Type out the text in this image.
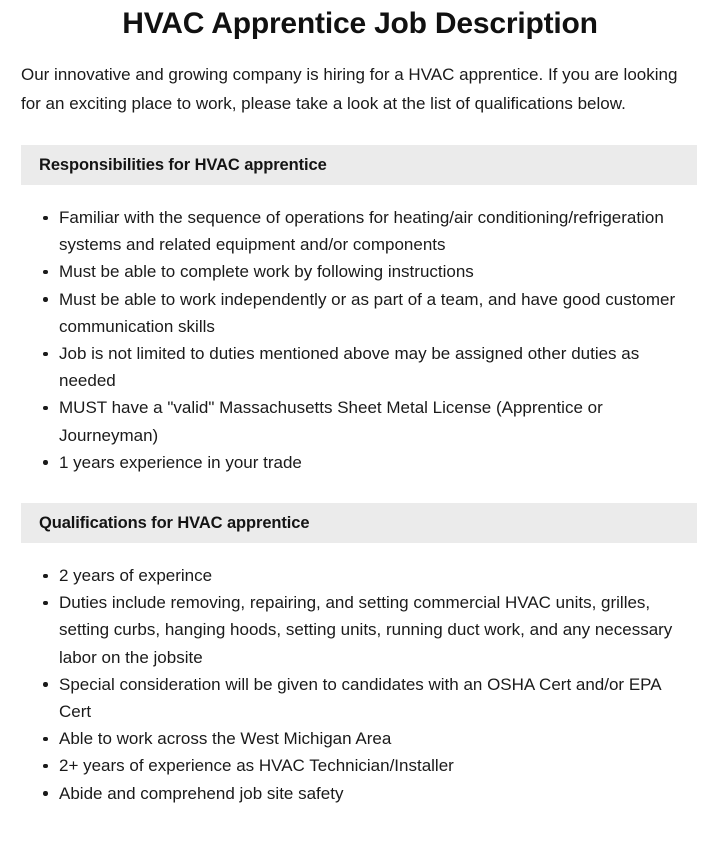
HVAC Apprentice Job Description

Our innovative and growing company is hiring for a HVAC apprentice. If you are looking for an exciting place to work, please take a look at the list of qualifications below.

Responsibilities for HVAC apprentice
Familiar with the sequence of operations for heating/air conditioning/refrigeration systems and related equipment and/or components
Must be able to complete work by following instructions
Must be able to work independently or as part of a team, and have good customer communication skills
Job is not limited to duties mentioned above may be assigned other duties as needed
MUST have a "valid" Massachusetts Sheet Metal License (Apprentice or Journeyman)
1 years experience in your trade
Qualifications for HVAC apprentice
2 years of experince
Duties include removing, repairing, and setting commercial HVAC units, grilles, setting curbs, hanging hoods, setting units, running duct work, and any necessary labor on the jobsite
Special consideration will be given to candidates with an OSHA Cert and/or EPA Cert
Able to work across the West Michigan Area
2+ years of experience as HVAC Technician/Installer
Abide and comprehend job site safety
